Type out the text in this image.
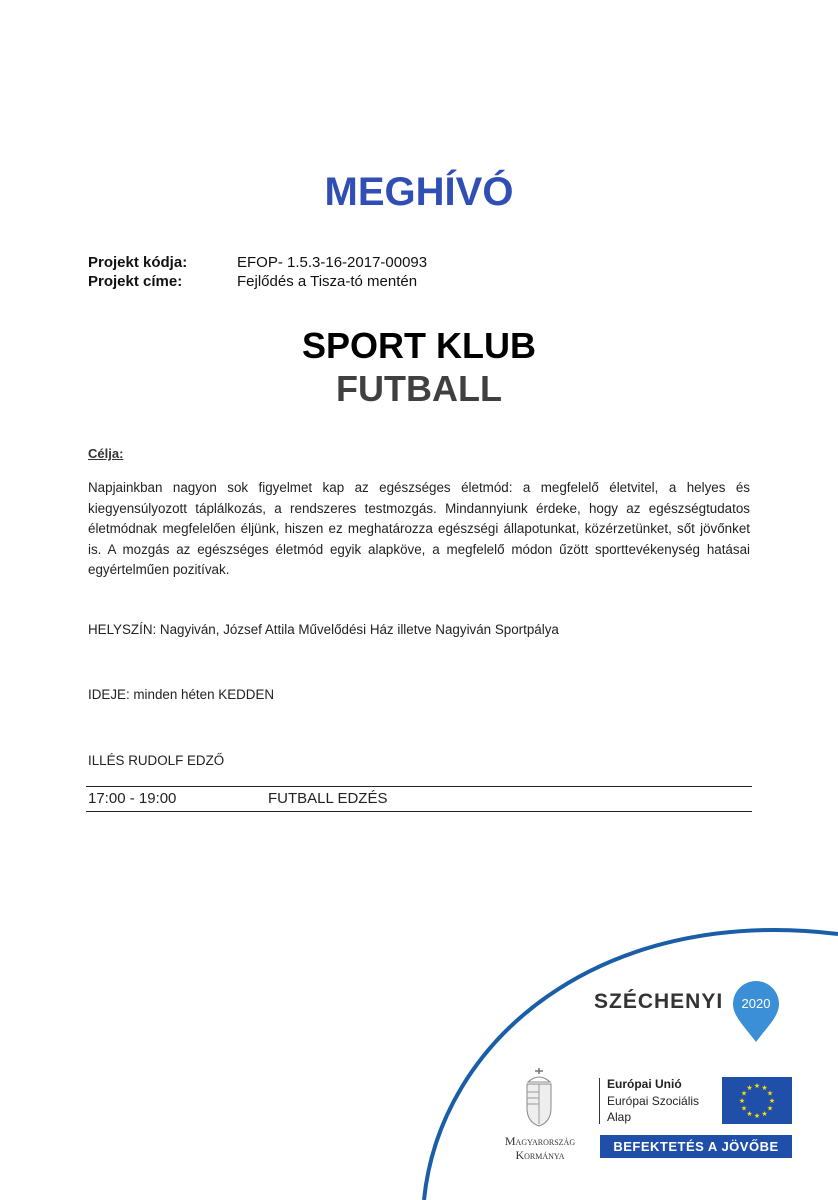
MEGHÍVÓ
Projekt kódja:	EFOP- 1.5.3-16-2017-00093
Projekt címe:	Fejlődés a Tisza-tó mentén
SPORT KLUB
FUTBALL
Célja:
Napjainkban nagyon sok figyelmet kap az egészséges életmód: a megfelelő életvitel, a helyes és kiegyensúlyozott táplálkozás, a rendszeres testmozgás. Mindannyiunk érdeke, hogy az egészségtudatos életmódnak megfelelően éljünk, hiszen ez meghatározza egészségi állapotunkat, közérzetünket, sőt jövőnket is. A mozgás az egészséges életmód egyik alapköve, a megfelelő módon űzött sporttevékenység hatásai egyértelműen pozitívak.
HELYSZÍN: Nagyiván, József Attila Művelődési Ház illetve Nagyiván Sportpálya
IDEJE: minden héten KEDDEN
ILLÉS RUDOLF EDZŐ
17:00 - 19:00	FUTBALL EDZÉS
SZÉCHENYI 2020
Magyarország
Kormánya
Európai Unió
Európai Szociális
Alap
★
★
★
★
★
★
★
★
★ ★ ★
★
BEFEKTETÉS A JÖVŐBE
